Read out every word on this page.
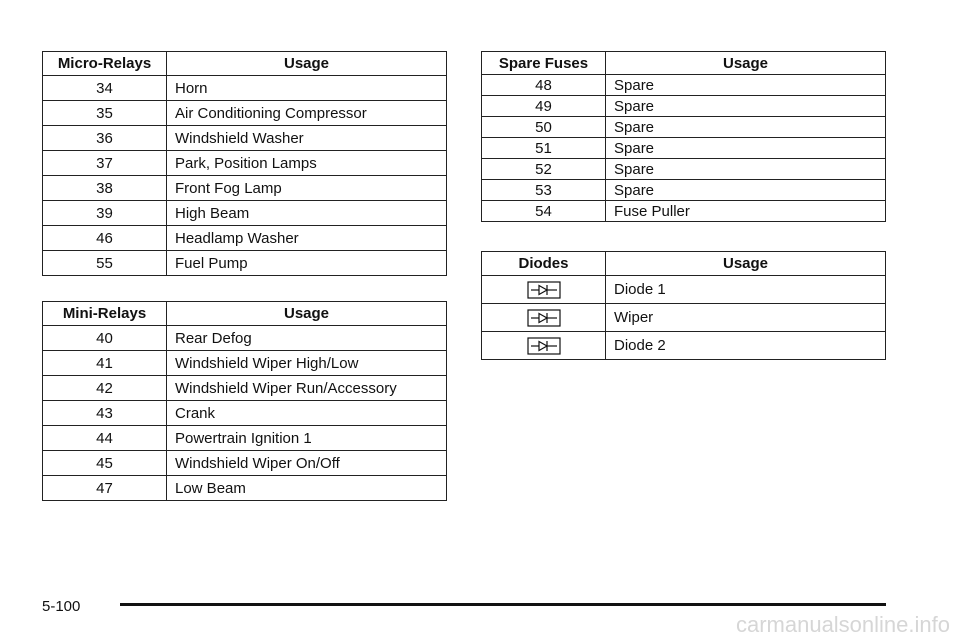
Micro-Relays	Usage
34	Horn
35	Air Conditioning Compressor
36	Windshield Washer
37	Park, Position Lamps
38	Front Fog Lamp
39	High Beam
46	Headlamp Washer
55	Fuel Pump
Mini-Relays	Usage
40	Rear Defog
41	Windshield Wiper High/Low
42	Windshield Wiper Run/Accessory
43	Crank
44	Powertrain Ignition 1
45	Windshield Wiper On/Off
47	Low Beam
Spare Fuses	Usage
48	Spare
49	Spare
50	Spare
51	Spare
52	Spare
53	Spare
54	Fuse Puller
Diodes	Usage
	Diode 1
	Wiper
	Diode 2
5-100
carmanualsonline.info
